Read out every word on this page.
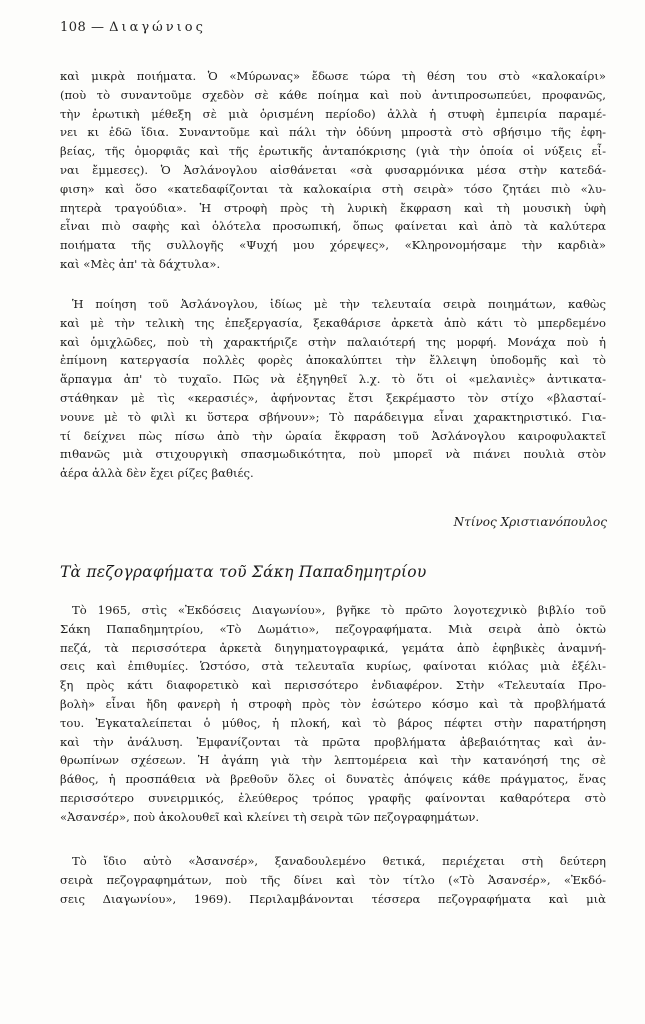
108 — Διαγώνιος
καὶ μικρὰ ποιήματα. Ὁ «Μύρωνας» ἔδωσε τώρα τὴ θέση του στὸ «καλοκαίρι»
(ποὺ τὸ συναντοῦμε σχεδὸν σὲ κάθε ποίημα καὶ ποὺ ἀντιπροσωπεύει, προφανῶς,
τὴν ἐρωτικὴ μέθεξη σὲ μιὰ ὁρισμένη περίοδο) ἀλλὰ ἡ στυφὴ ἐμπειρία παραμέ-
νει κι ἐδῶ ἴδια. Συναντοῦμε καὶ πάλι τὴν ὀδύνη μπροστὰ στὸ σβήσιμο τῆς ἐφη-
βείας, τῆς ὀμορφιᾶς καὶ τῆς ἐρωτικῆς ἀνταπόκρισης (γιὰ τὴν ὁποία οἱ νύξεις εἶ-
ναι ἔμμεσες). Ὁ Ἀσλάνογλου αἰσθάνεται «σὰ φυσαρμόνικα μέσα στὴν κατεδά-
φιση» καὶ ὅσο «κατεδαφίζονται τὰ καλοκαίρια στὴ σειρὰ» τόσο ζητάει πιὸ «λυ-
πητερὰ τραγούδια». Ἡ στροφὴ πρὸς τὴ λυρικὴ ἔκφραση καὶ τὴ μουσικὴ ὑφὴ
εἶναι πιὸ σαφὴς καὶ ὁλότελα προσωπική, ὅπως φαίνεται καὶ ἀπὸ τὰ καλύτερα
ποιήματα τῆς συλλογῆς «Ψυχή μου χόρεψες», «Κληρονομήσαμε τὴν καρδιὰ»
καὶ «Μὲς ἀπ' τὰ δάχτυλα».
Ἡ ποίηση τοῦ Ἀσλάνογλου, ἰδίως μὲ τὴν τελευταία σειρὰ ποιημάτων, καθὼς
καὶ μὲ τὴν τελικὴ της ἐπεξεργασία, ξεκαθάρισε ἀρκετὰ ἀπὸ κάτι τὸ μπερδεμένο
καὶ ὁμιχλῶδες, ποὺ τὴ χαρακτήριζε στὴν παλαιότερή της μορφή. Μονάχα ποὺ ἡ
ἐπίμονη κατεργασία πολλὲς φορὲς ἀποκαλύπτει τὴν ἔλλειψη ὑποδομῆς καὶ τὸ
ἅρπαγμα ἀπ' τὸ τυχαῖο. Πῶς νὰ ἐξηγηθεῖ λ.χ. τὸ ὅτι οἱ «μελανιὲς» ἀντικατα-
στάθηκαν μὲ τὶς «κερασιές», ἀφήνοντας ἔτσι ξεκρέμαστο τὸν στίχο «βλασταί-
νουνε μὲ τὸ φιλὶ κι ὕστερα σβήνουν»; Τὸ παράδειγμα εἶναι χαρακτηριστικό. Για-
τί δείχνει πὼς πίσω ἀπὸ τὴν ὡραία ἔκφραση τοῦ Ἀσλάνογλου καιροφυλακτεῖ
πιθανῶς μιὰ στιχουργικὴ σπασμωδικότητα, ποὺ μπορεῖ νὰ πιάνει πουλιὰ στὸν
ἀέρα ἀλλὰ δὲν ἔχει ρίζες βαθιές.
Ντίνος Χριστιανόπουλος
Τὰ πεζογραφήματα τοῦ Σάκη Παπαδημητρίου
Τὸ 1965, στὶς «Ἐκδόσεις Διαγωνίου», βγῆκε τὸ πρῶτο λογοτεχνικὸ βιβλίο τοῦ
Σάκη Παπαδημητρίου, «Τὸ Δωμάτιο», πεζογραφήματα. Μιὰ σειρὰ ἀπὸ ὀκτὼ
πεζά, τὰ περισσότερα ἀρκετὰ διηγηματογραφικά, γεμάτα ἀπὸ ἐφηβικὲς ἀναμνή-
σεις καὶ ἐπιθυμίες. Ὡστόσο, στὰ τελευταῖα κυρίως, φαίνοται κιόλας μιὰ ἐξέλι-
ξη πρὸς κάτι διαφορετικὸ καὶ περισσότερο ἐνδιαφέρον. Στὴν «Τελευταία Προ-
βολὴ» εἶναι ἤδη φανερὴ ἡ στροφὴ πρὸς τὸν ἐσώτερο κόσμο καὶ τὰ προβλήματά
του. Ἐγκαταλείπεται ὁ μύθος, ἡ πλοκή, καὶ τὸ βάρος πέφτει στὴν παρατήρηση
καὶ τὴν ἀνάλυση. Ἐμφανίζονται τὰ πρῶτα προβλήματα ἀβεβαιότητας καὶ ἀν-
θρωπίνων σχέσεων. Ἡ ἀγάπη γιὰ τὴν λεπτομέρεια καὶ τὴν κατανόησή της σὲ
βάθος, ἡ προσπάθεια νὰ βρεθοῦν ὅλες οἱ δυνατὲς ἀπόψεις κάθε πράγματος, ἕνας
περισσότερο συνειρμικός, ἐλεύθερος τρόπος γραφῆς φαίνονται καθαρότερα στὸ
«Ἀσανσέρ», ποὺ ἀκολουθεῖ καὶ κλείνει τὴ σειρὰ τῶν πεζογραφημάτων.
Τὸ ἴδιο αὐτὸ «Ἀσανσέρ», ξαναδουλεμένο θετικά, περιέχεται στὴ δεύτερη
σειρὰ πεζογραφημάτων, ποὺ τῆς δίνει καὶ τὸν τίτλο («Τὸ Ἀσανσέρ», «Ἐκδό-
σεις Διαγωνίου», 1969). Περιλαμβάνονται τέσσερα πεζογραφήματα καὶ μιὰ
